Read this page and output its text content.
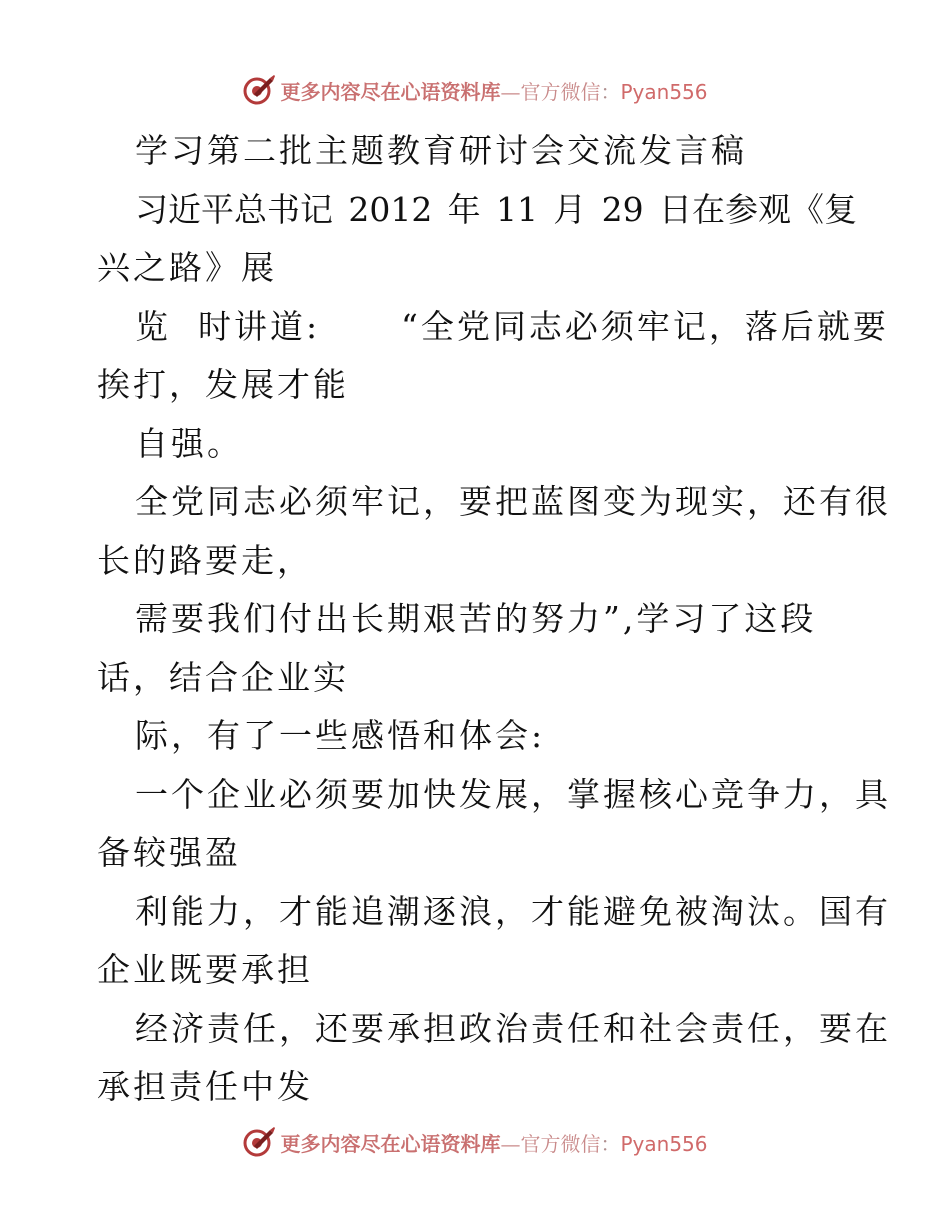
更多内容尽在心语资料库—官方微信：Pyan556
学习第二批主题教育研讨会交流发言稿
习近平总书记 2012 年 11 月 29 日在参观《复
兴之路》展
览  时讲道:      “全党同志必须牢记，落后就要
挨打，发展才能
自强。
全党同志必须牢记，要把蓝图变为现实，还有很
长的路要走，
需要我们付出长期艰苦的努力”,学习了这段
话，结合企业实
际，有了一些感悟和体会:
一个企业必须要加快发展，掌握核心竞争力，具
备较强盈
利能力，才能追潮逐浪，才能避免被淘汰。国有
企业既要承担
经济责任，还要承担政治责任和社会责任，要在
承担责任中发
更多内容尽在心语资料库—官方微信：Pyan556
